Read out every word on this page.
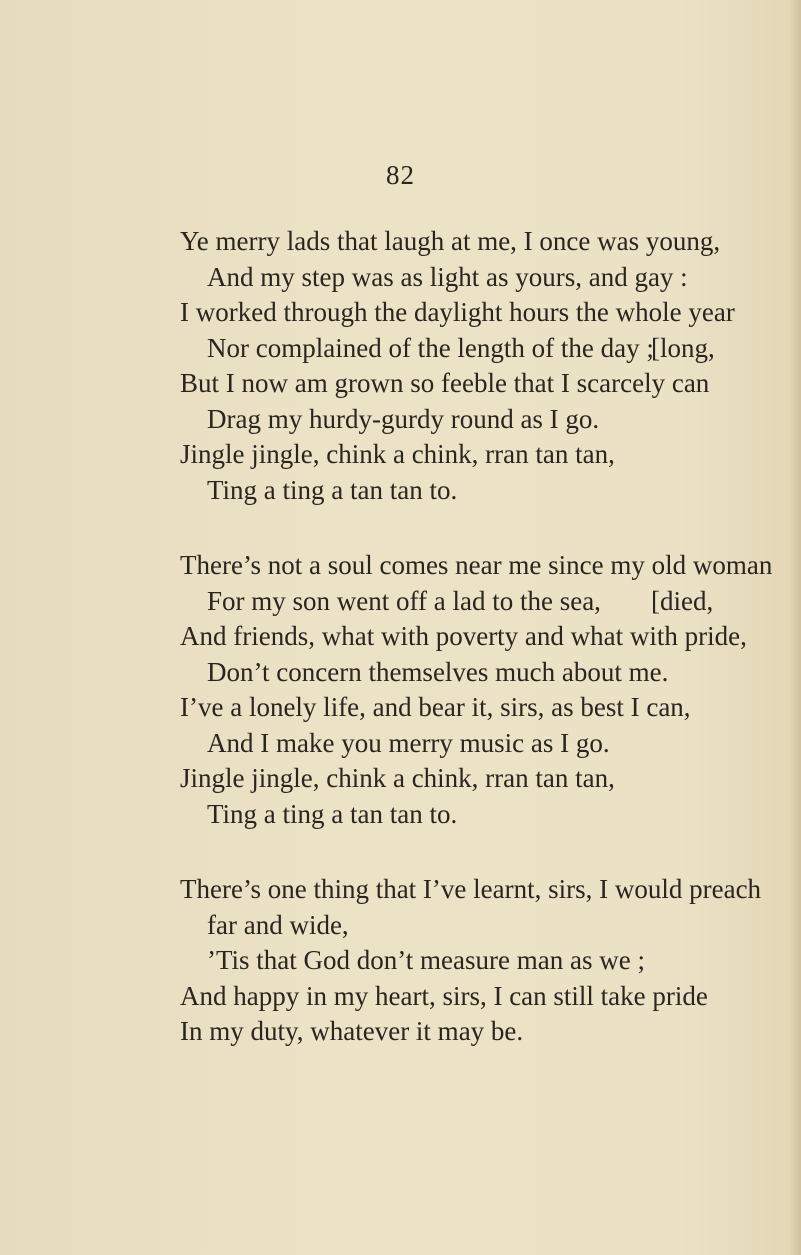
82
Ye merry lads that laugh at me, I once was young,
And my step was as light as yours, and gay :
I worked through the daylight hours the whole year
Nor complained of the length of the day ;
[long,
But I now am grown so feeble that I scarcely can
Drag my hurdy-gurdy round as I go.
Jingle jingle, chink a chink, rran tan tan,
Ting a ting a tan tan to.
There’s not a soul comes near me since my old woman
For my son went off a lad to the sea, [died,
And friends, what with poverty and what with pride,
Don’t concern themselves much about me.
I’ve a lonely life, and bear it, sirs, as best I can,
And I make you merry music as I go.
Jingle jingle, chink a chink, rran tan tan,
Ting a ting a tan tan to.
There’s one thing that I’ve learnt, sirs, I would preach
far and wide,
’Tis that God don’t measure man as we ;
And happy in my heart, sirs, I can still take pride
In my duty, whatever it may be.
